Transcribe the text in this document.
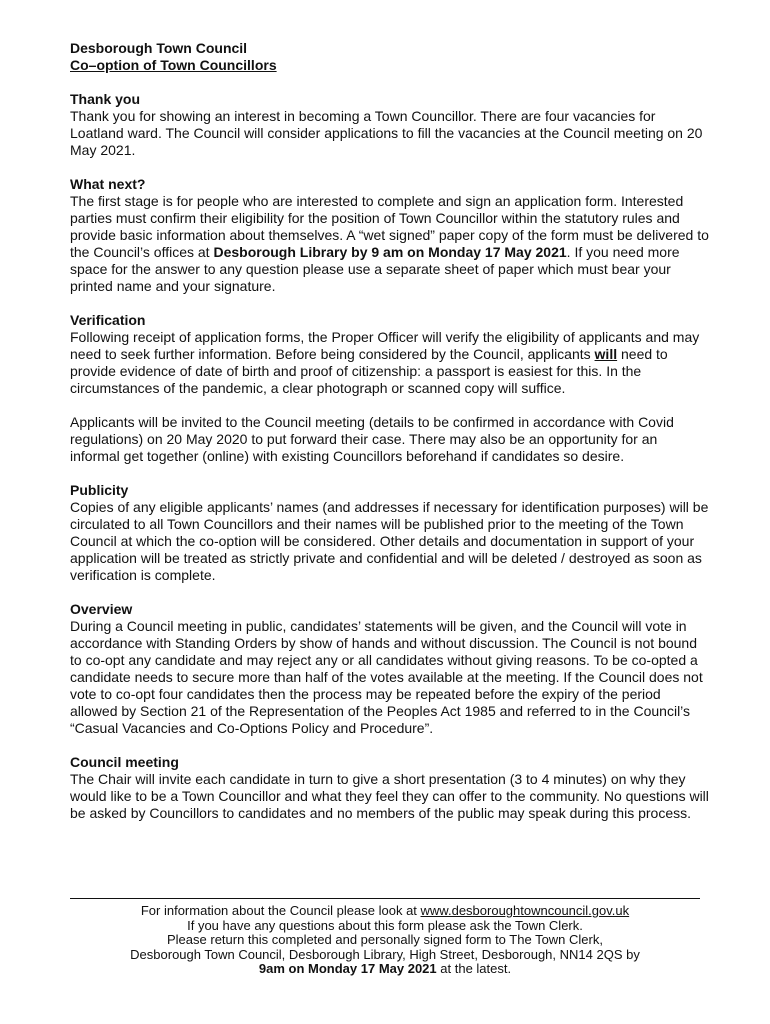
Desborough Town Council
Co–option of Town Councillors
Thank you

Thank you for showing an interest in becoming a Town Councillor. There are four vacancies for Loatland ward. The Council will consider applications to fill the vacancies at the Council meeting on 20 May 2021.

What next?

The first stage is for people who are interested to complete and sign an application form. Interested parties must confirm their eligibility for the position of Town Councillor within the statutory rules and provide basic information about themselves. A “wet signed” paper copy of the form must be delivered to the Council’s offices at Desborough Library by 9 am on Monday 17 May 2021. If you need more space for the answer to any question please use a separate sheet of paper which must bear your printed name and your signature.

Verification

Following receipt of application forms, the Proper Officer will verify the eligibility of applicants and may need to seek further information. Before being considered by the Council, applicants will need to provide evidence of date of birth and proof of citizenship: a passport is easiest for this. In the circumstances of the pandemic, a clear photograph or scanned copy will suffice.

Applicants will be invited to the Council meeting (details to be confirmed in accordance with Covid regulations) on 20 May 2020 to put forward their case. There may also be an opportunity for an informal get together (online) with existing Councillors beforehand if candidates so desire.

Publicity

Copies of any eligible applicants’ names (and addresses if necessary for identification purposes) will be circulated to all Town Councillors and their names will be published prior to the meeting of the Town Council at which the co-option will be considered. Other details and documentation in support of your application will be treated as strictly private and confidential and will be deleted / destroyed as soon as verification is complete.

Overview

During a Council meeting in public, candidates’ statements will be given, and the Council will vote in accordance with Standing Orders by show of hands and without discussion. The Council is not bound to co-opt any candidate and may reject any or all candidates without giving reasons. To be co-opted a candidate needs to secure more than half of the votes available at the meeting. If the Council does not vote to co-opt four candidates then the process may be repeated before the expiry of the period allowed by Section 21 of the Representation of the Peoples Act 1985 and referred to in the Council’s “Casual Vacancies and Co-Options Policy and Procedure”.

Council meeting

The Chair will invite each candidate in turn to give a short presentation (3 to 4 minutes) on why they would like to be a Town Councillor and what they feel they can offer to the community. No questions will be asked by Councillors to candidates and no members of the public may speak during this process.

For information about the Council please look at www.desboroughtowncouncil.gov.uk
If you have any questions about this form please ask the Town Clerk.
Please return this completed and personally signed form to The Town Clerk,
Desborough Town Council, Desborough Library, High Street, Desborough, NN14 2QS by
9am on Monday 17 May 2021 at the latest.
